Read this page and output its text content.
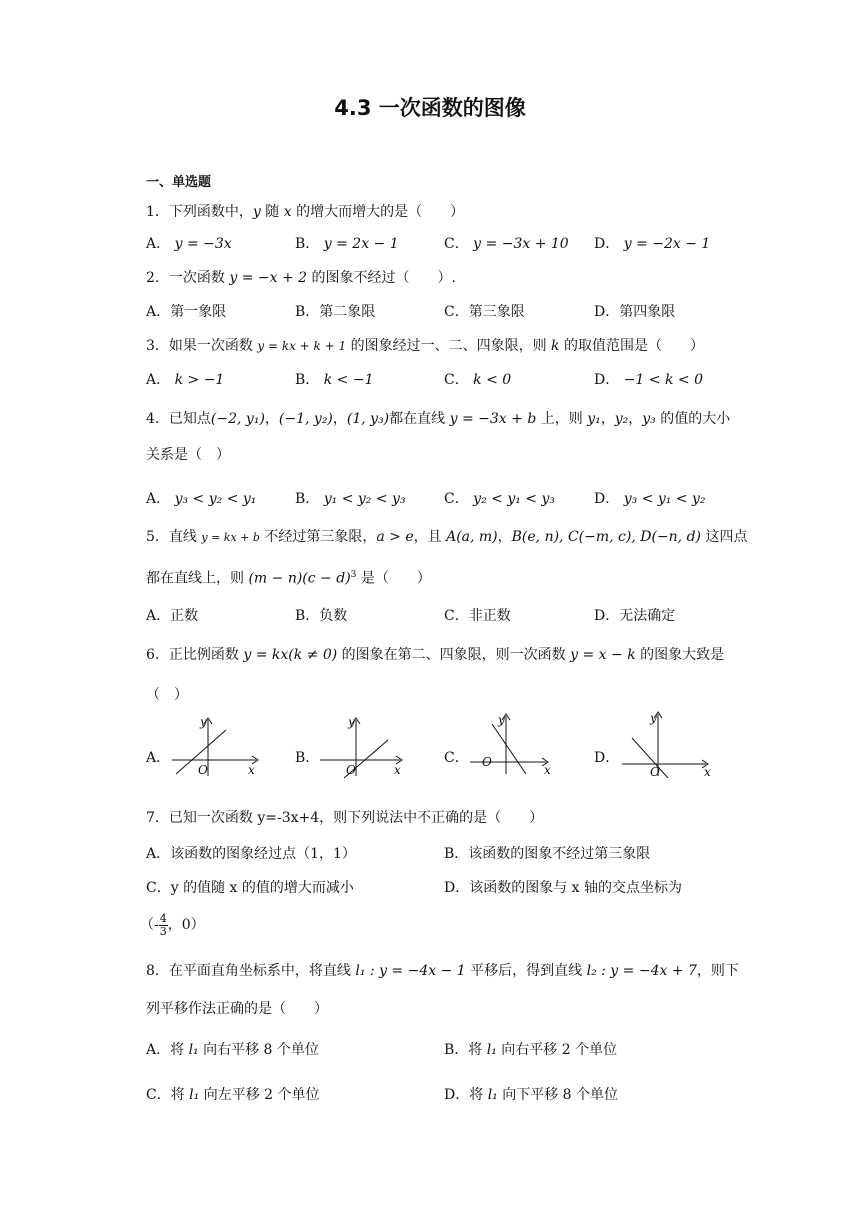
4.3 一次函数的图像
一、单选题
1．下列函数中，y 随 x 的增大而增大的是（　　）
A． y = −3x	B． y = 2x − 1	C． y = −3x + 10 D． y = −2x − 1
2．一次函数 y = −x + 2 的图象不经过（　　）.
A．第一象限	B．第二象限	C．第三象限	D．第四象限
3．如果一次函数 y = kx + k + 1 的图象经过一、二、四象限，则 k 的取值范围是（　　）
A． k > −1	B． k < −1	C． k < 0	D． −1 < k < 0
4．已知点(−2, y₁)，(−1, y₂)，(1, y₃)都在直线 y = −3x + b 上，则 y₁，y₂，y₃ 的值的大小
关系是（　）
A． y₃ < y₂ < y₁	B． y₁ < y₂ < y₃	C． y₂ < y₁ < y₃	D． y₃ < y₁ < y₂
5．直线 y = kx + b 不经过第三象限，a > e，且 A(a, m)，B(e, n), C(−m, c), D(−n, d) 这四点
都在直线上，则 $(m - n)(c - d)^3$ 是（　　）
A．正数	B．负数	C．非正数	D．无法确定
6．正比例函数 y = kx(k ≠ 0) 的图象在第二、四象限，则一次函数 y = x − k 的图象大致是
（　）
A．
y
x
O
B．
y
x
O
C．
y
x
O	D．
y
x
O
7．已知一次函数 y=-3x+4，则下列说法中不正确的是（　　）
A．该函数的图象经过点（1，1）	B．该函数的图象不经过第三象限
C．y 的值随 x 的值的增大而减小	D．该函数的图象与 x 轴的交点坐标为
（- $\frac{4}{3}$ ，0）
8．在平面直角坐标系中，将直线 l₁ : y = −4x − 1 平移后，得到直线 l₂ : y = −4x + 7，则下
列平移作法正确的是（　　）
A．将 l₁ 向右平移 8 个单位	B．将 l₁ 向右平移 2 个单位
C．将 l₁ 向左平移 2 个单位	D．将 l₁ 向下平移 8 个单位
